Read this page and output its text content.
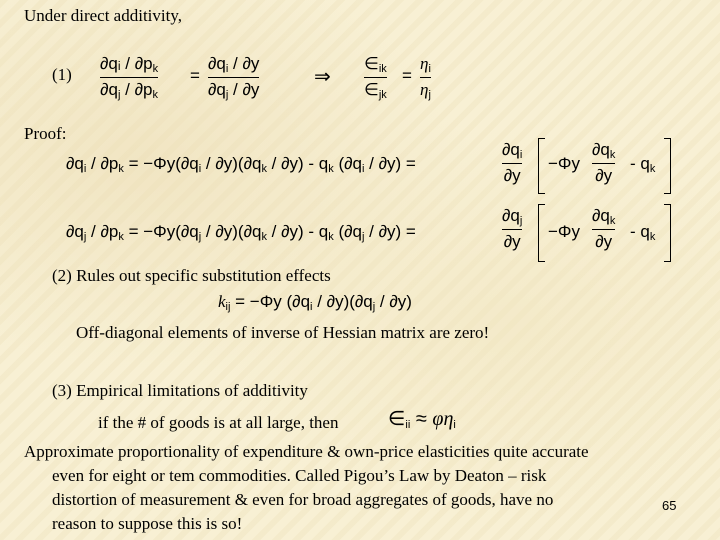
Under direct additivity,
(1)
∂qᵢ / $\partial p_k$
$\partial q_j / \partial p_k$
=
$\partial q_i / \partial y$
$\partial q_j / \partial y$
⇒
$\in_{ik}$
$\in_{jk}$
=
$\eta_i$
$\eta_j$
Proof:
$\partial q_i / \partial p_k = -\Phi y(\partial q_i / \partial y)(\partial q_k / \partial y) - q_k$ $(\partial q_i / \partial y)$ =
$\partial q_i$
∂y
−Φy
$\partial q_k$
∂y
- $q_k$
$\partial q_j / \partial p_k = -\Phi y(\partial q_j / \partial y)(\partial q_k / \partial y) - q_k$ $(\partial q_j / \partial y)$ =
$\partial q_j$
∂y
−Φy
$\partial q_k$
∂y
- $q_k$
(2) Rules out specific substitution effects
$k_{ij} = -\Phi y$ $(\partial q_i / \partial y)(\partial q_j / \partial y)$
Off-diagonal elements of inverse of Hessian matrix are zero!
(3) Empirical limitations of additivity
if the # of goods is at all large, then $\in_{ii} \approx \varphi\eta_i$
Approximate proportionality of expenditure & own-price elasticities quite accurate
even for eight or tem commodities. Called Pigou’s Law by Deaton – risk
distortion of measurement & even for broad aggregates of goods, have no
reason to suppose this is so!
65
